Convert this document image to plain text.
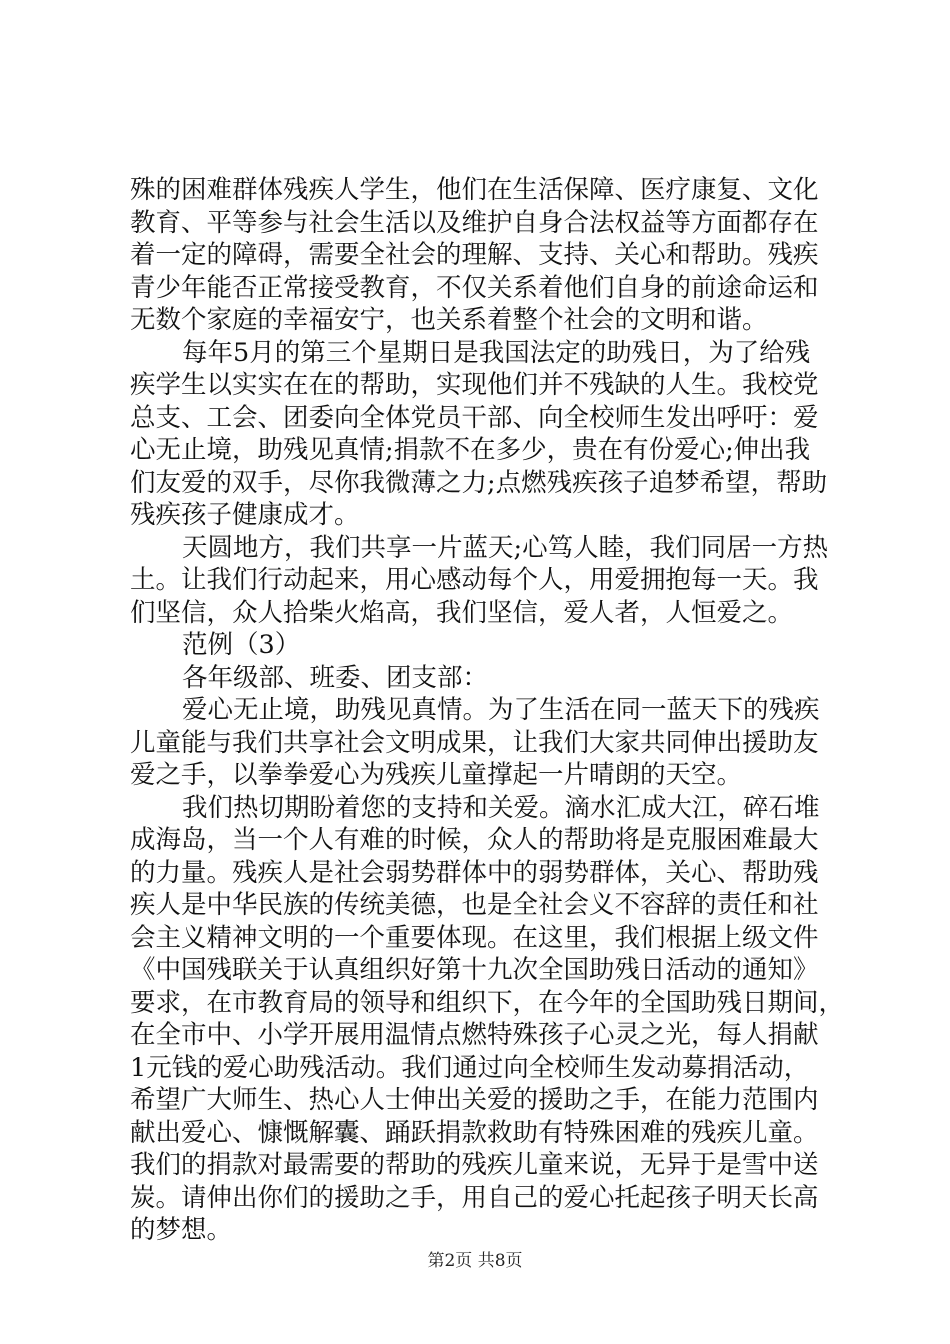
殊的困难群体残疾人学生，他们在生活保障、医疗康复、文化
教育、平等参与社会生活以及维护自身合法权益等方面都存在
着一定的障碍，需要全社会的理解、支持、关心和帮助。残疾
青少年能否正常接受教育，不仅关系着他们自身的前途命运和
无数个家庭的幸福安宁，也关系着整个社会的文明和谐。
每年5月的第三个星期日是我国法定的助残日，为了给残
疾学生以实实在在的帮助，实现他们并不残缺的人生。我校党
总支、工会、团委向全体党员干部、向全校师生发出呼吁：爱
心无止境，助残见真情;捐款不在多少，贵在有份爱心;伸出我
们友爱的双手，尽你我微薄之力;点燃残疾孩子追梦希望，帮助
残疾孩子健康成才。
天圆地方，我们共享一片蓝天;心笃人睦，我们同居一方热
土。让我们行动起来，用心感动每个人，用爱拥抱每一天。我
们坚信，众人拾柴火焰高，我们坚信，爱人者，人恒爱之。
范例（3）
各年级部、班委、团支部：
爱心无止境，助残见真情。为了生活在同一蓝天下的残疾
儿童能与我们共享社会文明成果，让我们大家共同伸出援助友
爱之手，以拳拳爱心为残疾儿童撑起一片晴朗的天空。
我们热切期盼着您的支持和关爱。滴水汇成大江，碎石堆
成海岛，当一个人有难的时候，众人的帮助将是克服困难最大
的力量。残疾人是社会弱势群体中的弱势群体，关心、帮助残
疾人是中华民族的传统美德，也是全社会义不容辞的责任和社
会主义精神文明的一个重要体现。在这里，我们根据上级文件
《中国残联关于认真组织好第十九次全国助残日活动的通知》
要求，在市教育局的领导和组织下，在今年的全国助残日期间，
在全市中、小学开展用温情点燃特殊孩子心灵之光，每人捐献
1元钱的爱心助残活动。我们通过向全校师生发动募捐活动，
希望广大师生、热心人士伸出关爱的援助之手，在能力范围内
献出爱心、慷慨解囊、踊跃捐款救助有特殊困难的残疾儿童。
我们的捐款对最需要的帮助的残疾儿童来说，无异于是雪中送
炭。请伸出你们的援助之手，用自己的爱心托起孩子明天长高
的梦想。
第2页 共8页
